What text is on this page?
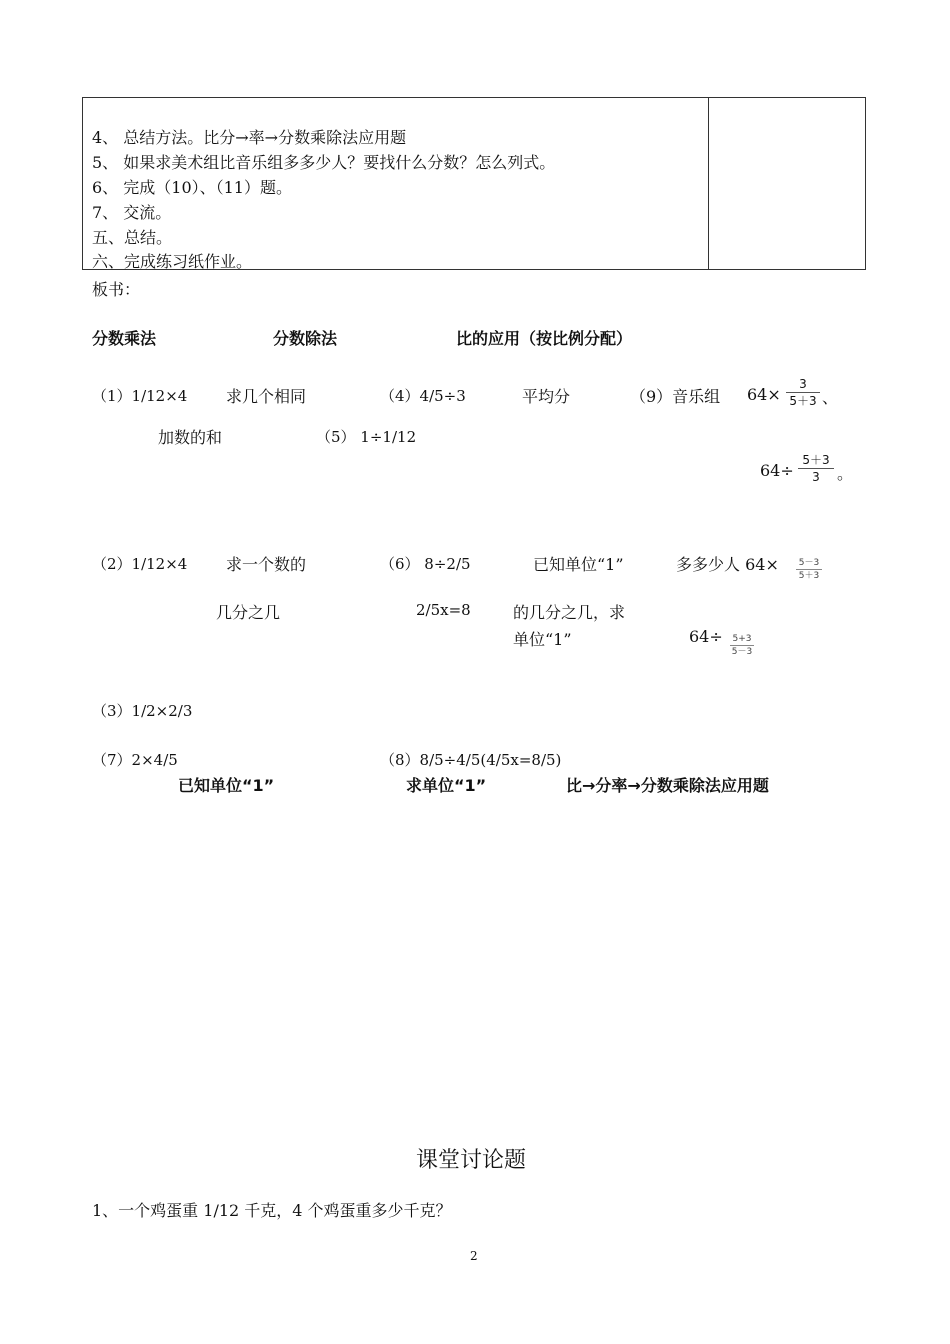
4、 总结方法。比分→率→分数乘除法应用题
5、 如果求美术组比音乐组多多少人？要找什么分数？怎么列式。
6、 完成（10）、（11）题。
7、 交流。
五、总结。
六、完成练习纸作业。
板书：
分数乘法	分数除法	比的应用（按比例分配）
（1）1/12×4 求几个相同
加数的和
（4）4/5÷3	平均分
（5） 1÷1/12
（9）音乐组 64×
3
5＋3 、
64÷
5＋3
3	。
（2）1/12×4 求一个数的
几分之几
（6） 8÷2/5
2/5x=8
已知单位“1”
的几分之几，求
单位“1”
多多少人 64×	5－3
5＋3
64÷ 5+3
5－3
（3）1/2×2/3
（7）2×4/5	（8）8/5÷4/5(4/5x=8/5)
已知单位“1”	求单位“1”	比→分率→分数乘除法应用题
课堂讨论题
1、一个鸡蛋重 1/12 千克，4 个鸡蛋重多少千克？
2
